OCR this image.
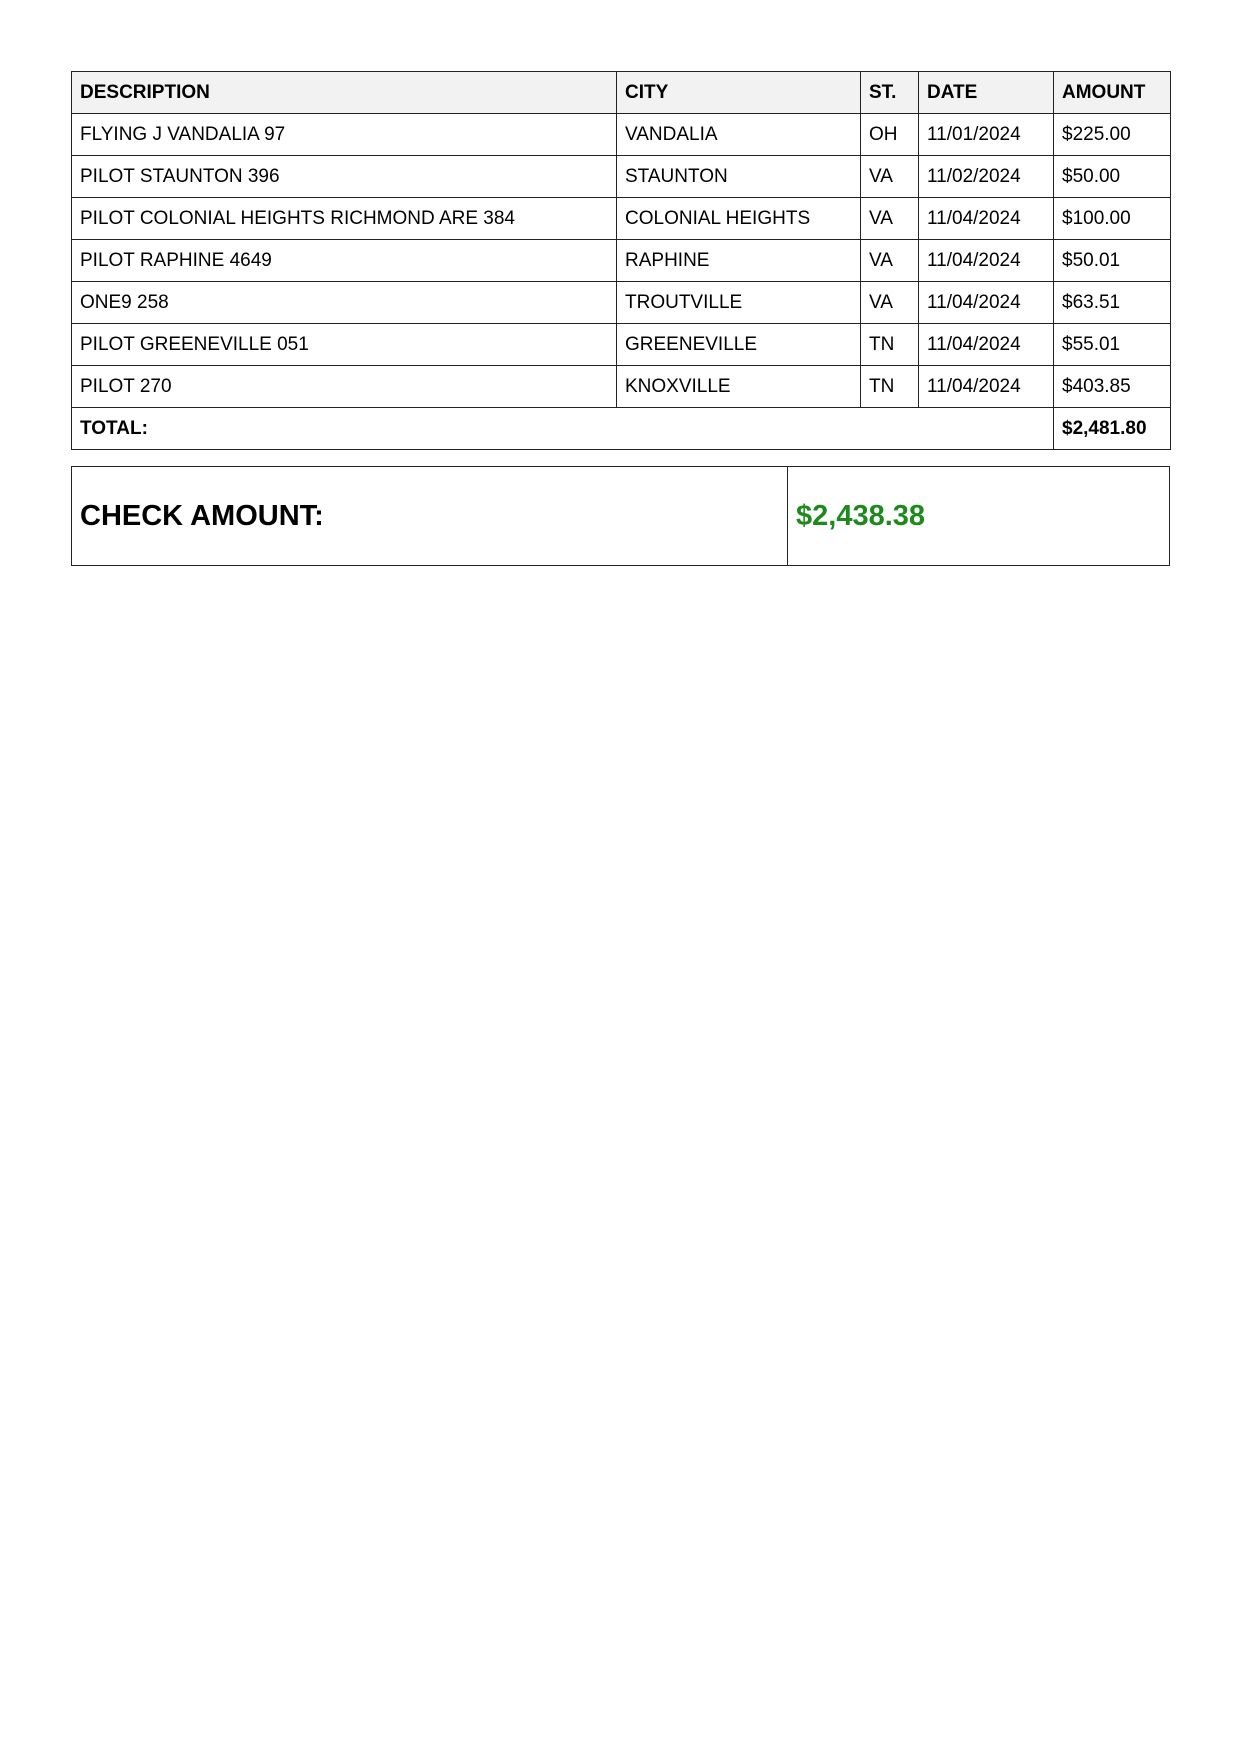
DESCRIPTION	CITY	ST.	DATE	AMOUNT
FLYING J VANDALIA 97	VANDALIA	OH	11/01/2024	$225.00
PILOT STAUNTON 396	STAUNTON	VA	11/02/2024	$50.00
PILOT COLONIAL HEIGHTS RICHMOND ARE 384	COLONIAL HEIGHTS	VA	11/04/2024	$100.00
PILOT RAPHINE 4649	RAPHINE	VA	11/04/2024	$50.01
ONE9 258	TROUTVILLE	VA	11/04/2024	$63.51
PILOT GREENEVILLE 051	GREENEVILLE	TN	11/04/2024	$55.01
PILOT 270	KNOXVILLE	TN	11/04/2024	$403.85
TOTAL:				$2,481.80
CHECK AMOUNT:	$2,438.38
